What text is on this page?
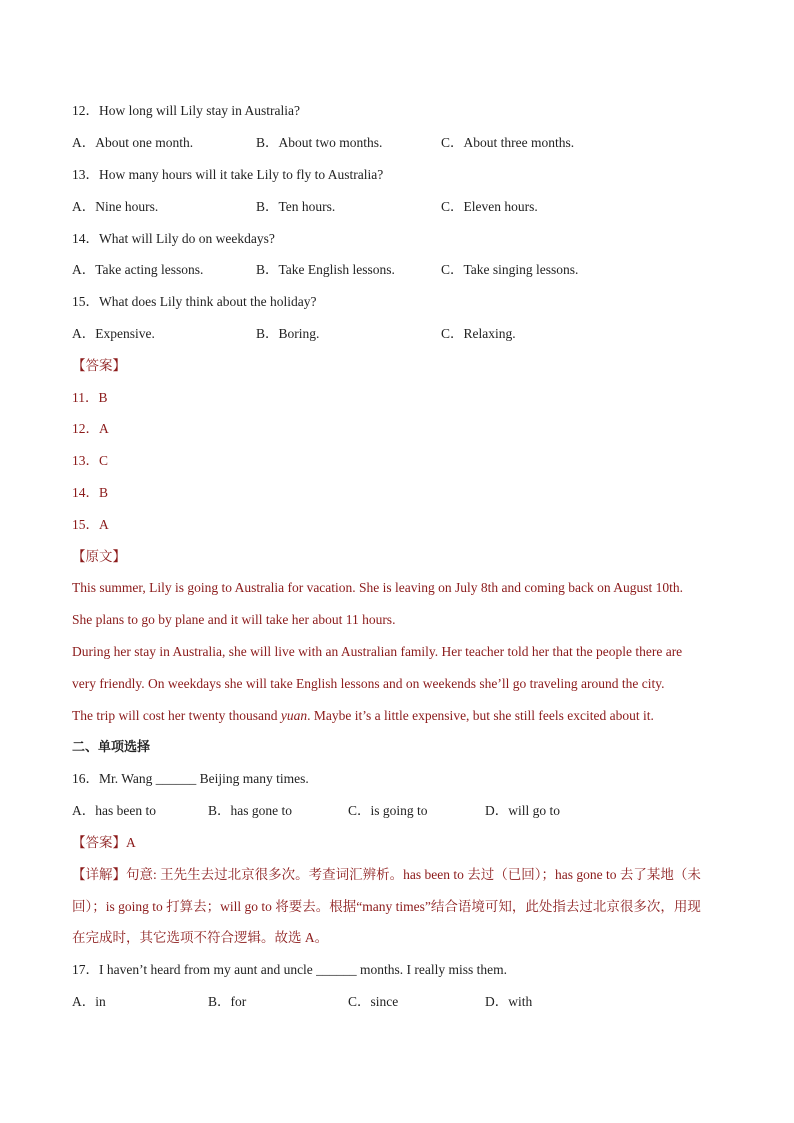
12．How long will Lily stay in Australia?
A．About one month.	B．About two months.	C．About three months.
13．How many hours will it take Lily to fly to Australia?
A．Nine hours.	B．Ten hours.	C．Eleven hours.
14．What will Lily do on weekdays?
A．Take acting lessons.	B．Take English lessons.	C．Take singing lessons.
15．What does Lily think about the holiday?
A．Expensive.	B．Boring.	C．Relaxing.
【答案】
11．B
12．A
13．C
14．B
15．A
【原文】
This summer, Lily is going to Australia for vacation. She is leaving on July 8th and coming back on August 10th.
She plans to go by plane and it will take her about 11 hours.
During her stay in Australia, she will live with an Australian family. Her teacher told her that the people there are
very friendly. On weekdays she will take English lessons and on weekends she’ll go traveling around the city.
The trip will cost her twenty thousand yuan. Maybe it’s a little expensive, but she still feels excited about it.
二、单项选择
16．Mr. Wang ______ Beijing many times.
A．has been to	B．has gone to	C．is going to	D．will go to
【答案】A
【详解】句意: 王先生去过北京很多次。考查词汇辨析。has been to 去过（已回）；has gone to 去了某地（未
回）；is going to 打算去；will go to 将要去。根据“many times”结合语境可知，此处指去过北京很多次，用现
在完成时，其它选项不符合逻辑。故选 A。
17．I haven’t heard from my aunt and uncle ______ months. I really miss them.
A．in	B．for	C．since	D．with
